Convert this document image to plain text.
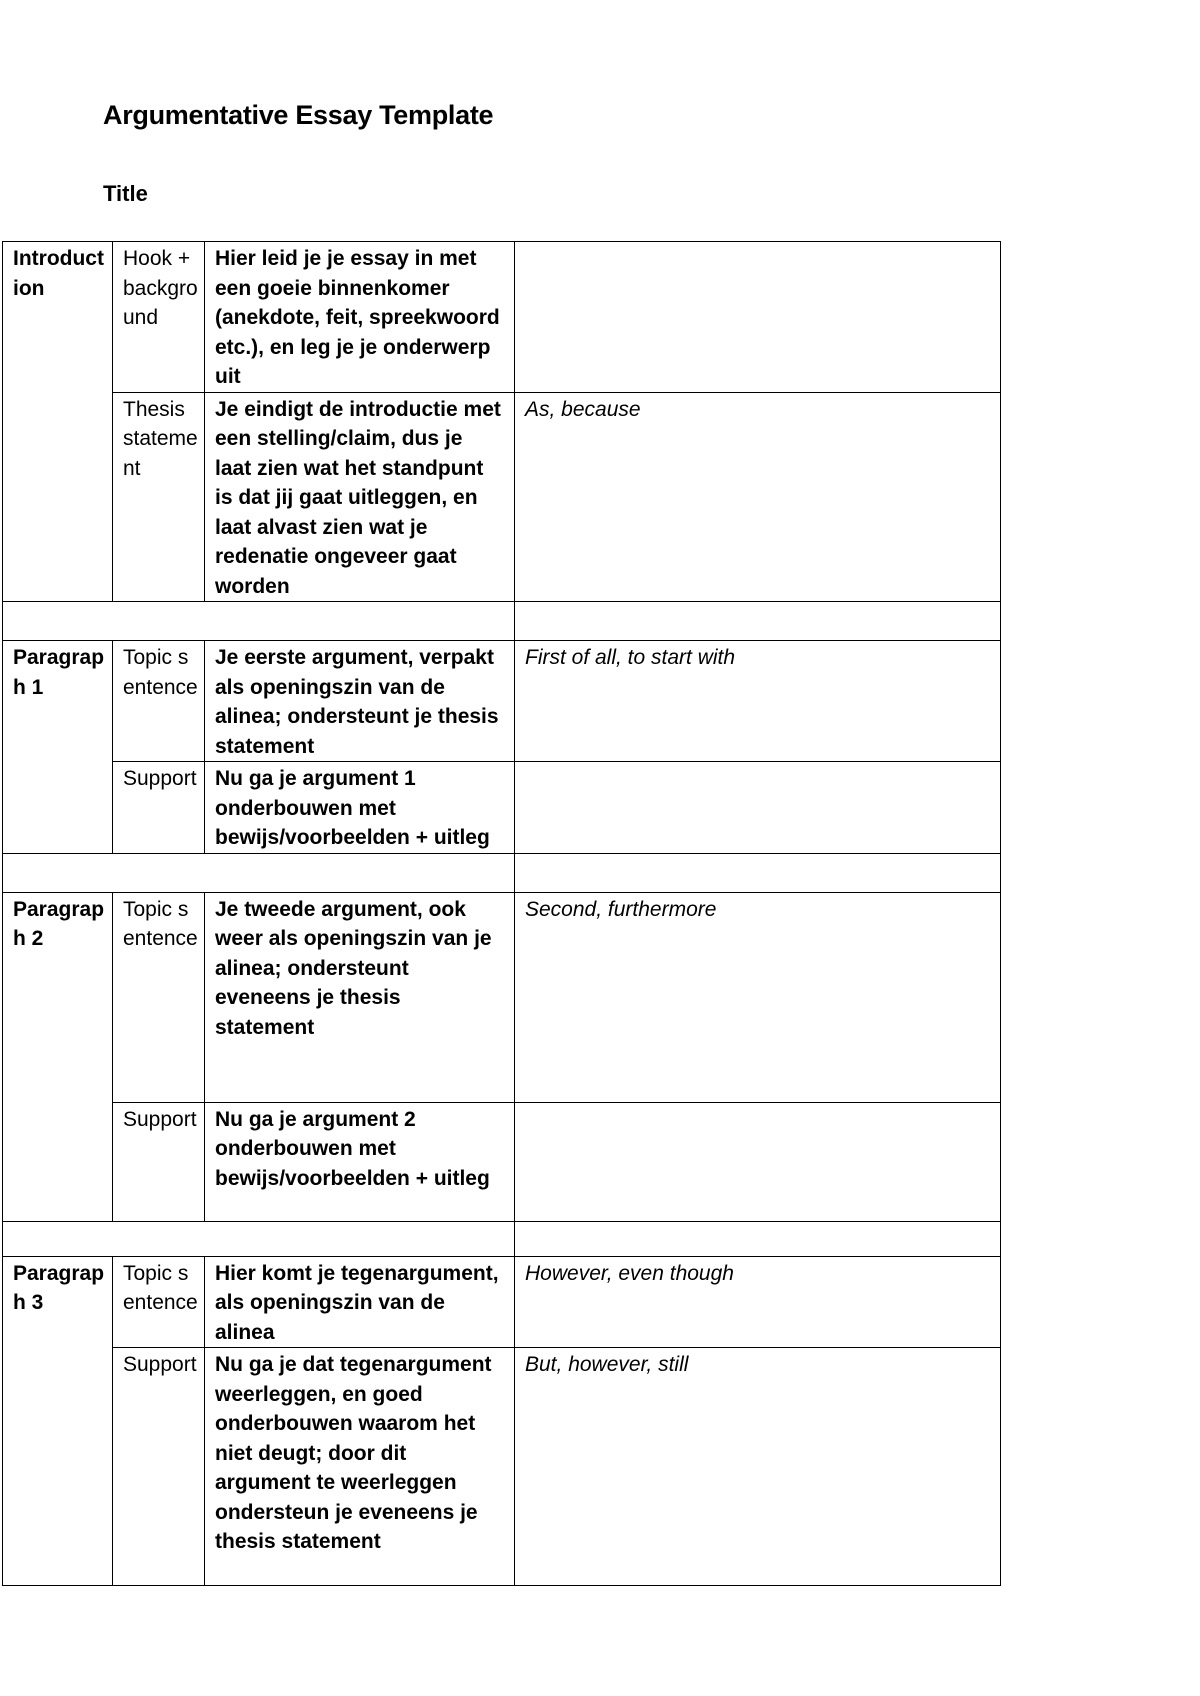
Argumentative Essay Template
Title
Introduction	Hook + background	Hier leid je je essay in met een goeie binnenkomer (anekdote, feit, spreekwoord etc.), en leg je je onderwerp uit	
	Thesis statement	Je eindigt de introductie met een stelling/claim, dus je laat zien wat het standpunt is dat jij gaat uitleggen, en laat alvast zien wat je redenatie ongeveer gaat worden	As, because

Paragraph 1	Topic sentence	Je eerste argument, verpakt als openingszin van de alinea; ondersteunt je thesis statement	First of all, to start with
	Support	Nu ga je argument 1 onderbouwen met bewijs/voorbeelden + uitleg	

Paragraph 2	Topic sentence	Je tweede argument, ook weer als openingszin van je alinea; ondersteunt eveneens je thesis statement	Second, furthermore
	Support	Nu ga je argument 2 onderbouwen met bewijs/voorbeelden + uitleg	

Paragraph 3	Topic sentence	Hier komt je tegenargument, als openingszin van de alinea	However, even though
	Support	Nu ga je dat tegenargument weerleggen, en goed onderbouwen waarom het niet deugt; door dit argument te weerleggen ondersteun je eveneens je thesis statement	But, however, still
